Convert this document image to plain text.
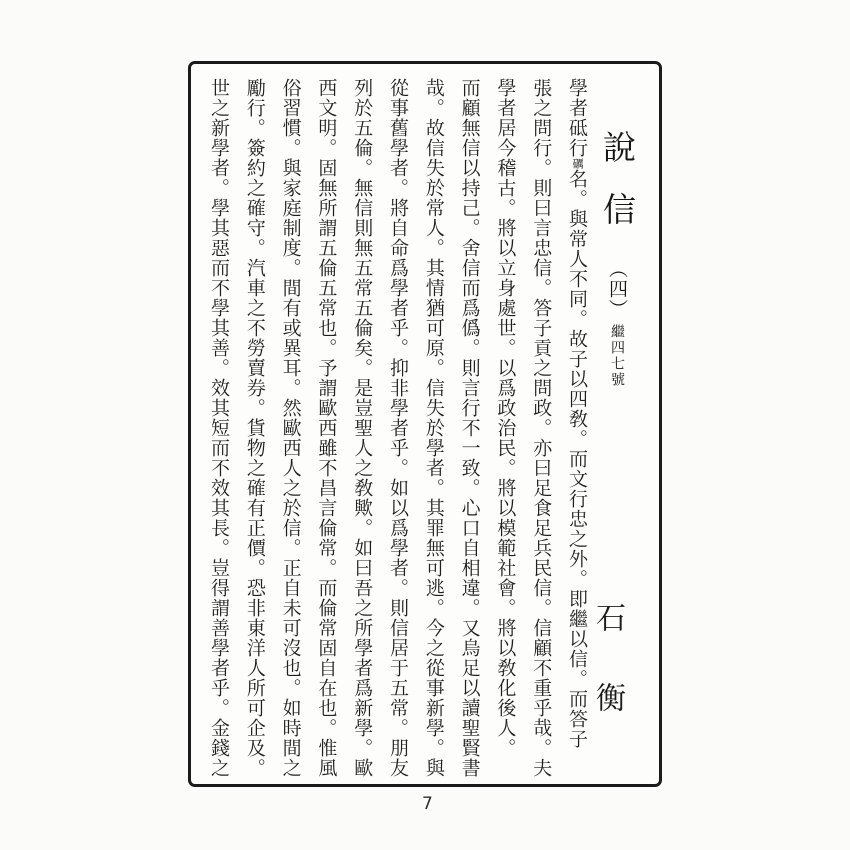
說信 （四） 繼四七號
石衡
學者砥行礪名。與常人不同。故子以四敎。而文行忠之外。即繼以信。而答子
張之問行。則曰言忠信。答子貢之問政。亦曰足食足兵民信。信顧不重乎哉。夫
學者居今稽古。將以立身處世。以爲政治民。將以模範社會。將以敎化後人。
而顧無信以持己。舍信而爲僞。則言行不一致。心口自相違。又烏足以讀聖賢書
哉。故信失於常人。其情猶可原。信失於學者。其罪無可逃。今之從事新學。與
從事舊學者。將自命爲學者乎。抑非學者乎。如以爲學者。則信居于五常。朋友
列於五倫。無信則無五常五倫矣。是豈聖人之敎歟。如曰吾之所學者爲新學。歐
西文明。固無所謂五倫五常也。予謂歐西雖不昌言倫常。而倫常固自在也。惟風
俗習慣。與家庭制度。間有或異耳。然歐西人之於信。正自未可沒也。如時間之
勵行。簽約之確守。汽車之不勞賣券。貨物之確有正價。恐非東洋人所可企及。
世之新學者。學其惡而不學其善。效其短而不效其長。豈得謂善學者乎。金錢之
7
